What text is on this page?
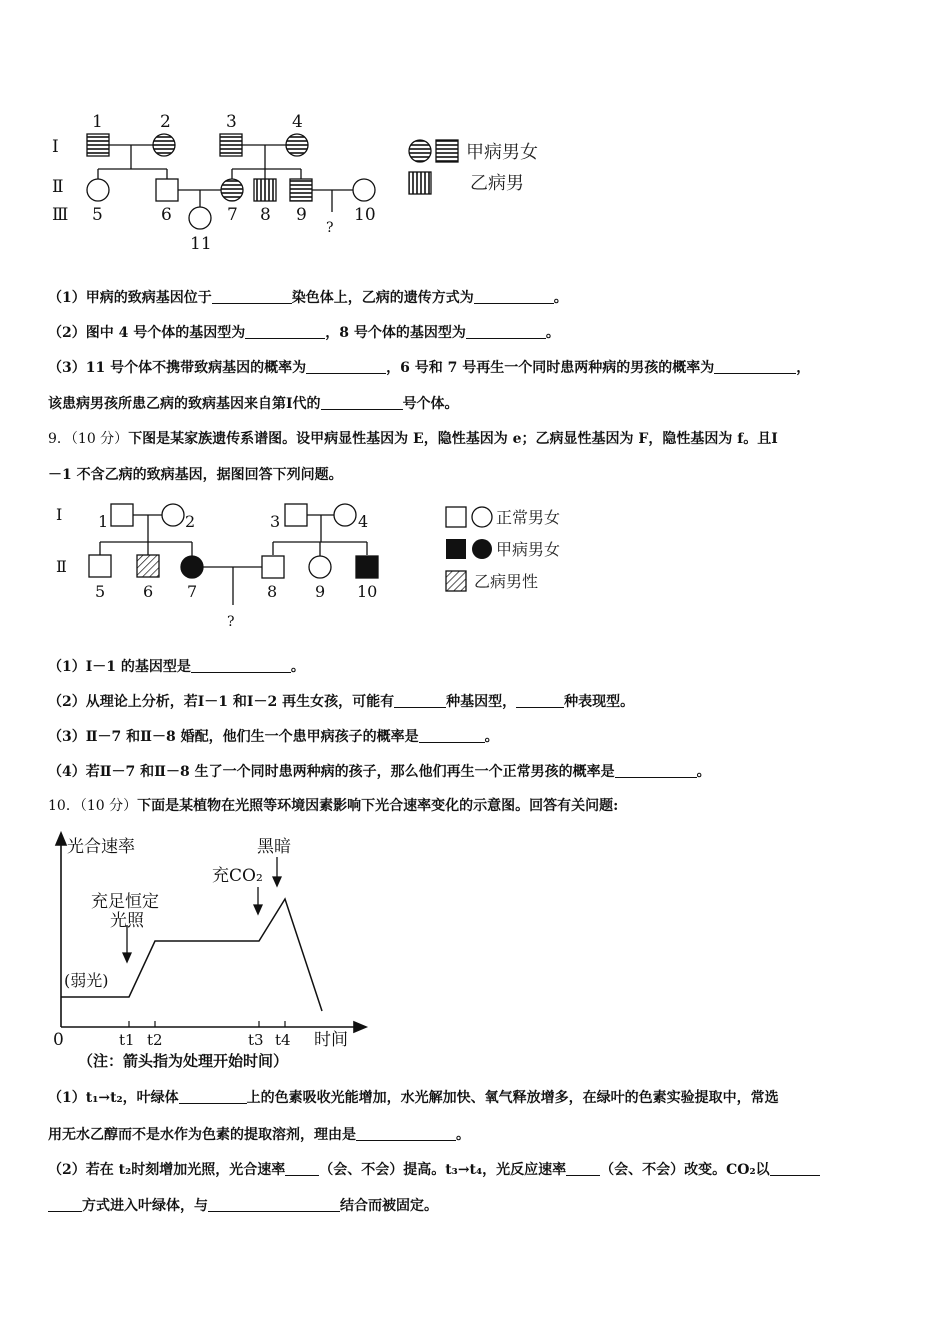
Ⅰ
Ⅱ
Ⅲ
1	2	3	4
5	6	7 8 9
?
10
11
甲病男女
乙病男
（1）甲病的致病基因位于	染色体上，乙病的遗传方式为	。
（2）图中 4 号个体的基因型为	，8 号个体的基因型为	。
（3）11 号个体不携带致病基因的概率为	，6 号和 7 号再生一个同时患两种病的男孩的概率为	，
该患病男孩所患乙病的致病基因来自第Ⅰ代的	号个体。
9．（10 分）下图是某家族遗传系谱图。设甲病显性基因为 E，隐性基因为 e；乙病显性基因为 F，隐性基因为 f。且Ⅰ
－1 不含乙病的致病基因，据图回答下列问题。
Ⅰ
Ⅱ
1	2	3	4
5 6 7	8 9 10
?
正常男女
甲病男女
乙病男性
（1）Ⅰ－1 的基因型是	。
（2）从理论上分析，若Ⅰ－1 和Ⅰ－2 再生女孩，可能有	种基因型，	种表现型。
（3）Ⅱ－7 和Ⅱ－8 婚配，他们生一个患甲病孩子的概率是	。
（4）若Ⅱ－7 和Ⅱ－8 生了一个同时患两种病的孩子，那么他们再生一个正常男孩的概率是	。
10．（10 分）下面是某植物在光照等环境因素影响下光合速率变化的示意图。回答有关问题:
光合速率
时间
0	t1 t2	t3 t4
(弱光)
充足恒定
光照
充CO₂
黑暗
（注：箭头指为处理开始时间）
（1）t₁→t₂，叶绿体	上的色素吸收光能增加，水光解加快、氧气释放增多，在绿叶的色素实验提取中，常选
用无水乙醇而不是水作为色素的提取溶剂，理由是	。
（2）若在 t₂时刻增加光照，光合速率 （会、不会）提高。t₃→t₄，光反应速率 （会、不会）改变。CO₂以
方式进入叶绿体，与	结合而被固定。
